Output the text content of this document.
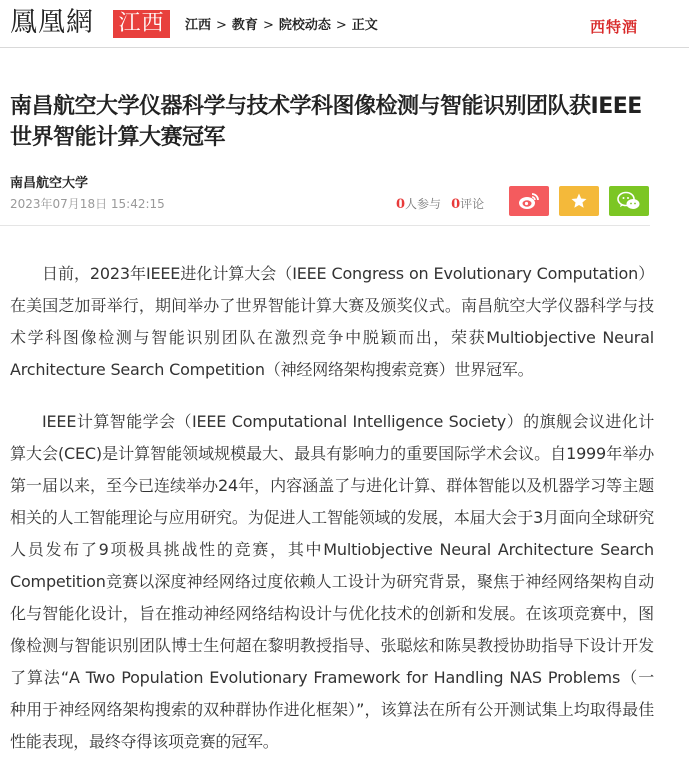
鳳凰網 江西	江西 > 教育 > 院校动态 > 正文	西特酒
南昌航空大学仪器科学与技术学科图像检测与智能识别团队获IEEE世界智能计算大赛冠军
南昌航空大学
2023年07月18日 15:42:15	0人参与 0评论

日前，2023年IEEE进化计算大会（IEEE Congress on Evolutionary Computation）在美国芝加哥举行，期间举办了世界智能计算大赛及颁奖仪式。南昌航空大学仪器科学与技术学科图像检测与智能识别团队在激烈竞争中脱颖而出，荣获Multiobjective Neural Architecture Search Competition（神经网络架构搜索竞赛）世界冠军。

IEEE计算智能学会（IEEE Computational Intelligence Society）的旗舰会议进化计算大会(CEC)是计算智能领域规模最大、最具有影响力的重要国际学术会议。自1999年举办第一届以来，至今已连续举办24年，内容涵盖了与进化计算、群体智能以及机器学习等主题相关的人工智能理论与应用研究。为促进人工智能领域的发展，本届大会于3月面向全球研究人员发布了9项极具挑战性的竞赛，其中Multiobjective Neural Architecture Search Competition竞赛以深度神经网络过度依赖人工设计为研究背景，聚焦于神经网络架构自动化与智能化设计，旨在推动神经网络结构设计与优化技术的创新和发展。在该项竞赛中，图像检测与智能识别团队博士生何超在黎明教授指导、张聪炫和陈昊教授协助指导下设计开发了算法“A Two Population Evolutionary Framework for Handling NAS Problems（一种用于神经网络架构搜索的双种群协作进化框架）”，该算法在所有公开测试集上均取得最佳性能表现，最终夺得该项竞赛的冠军。
